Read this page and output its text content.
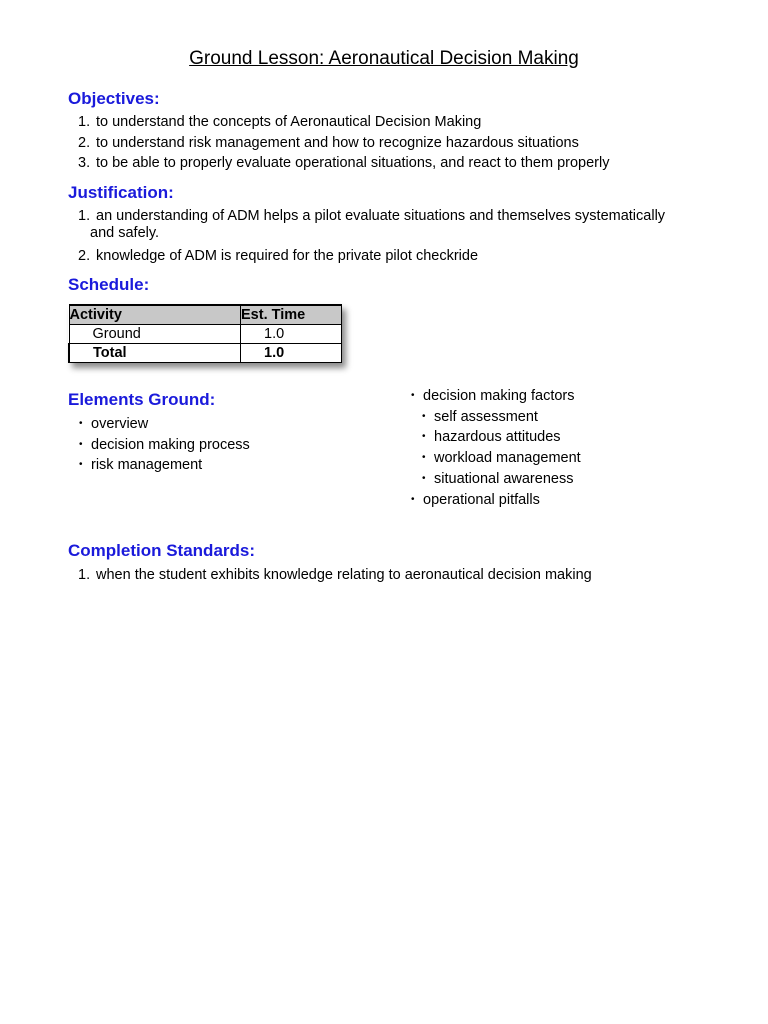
Ground Lesson: Aeronautical Decision Making
Objectives:
1. to understand the concepts of Aeronautical Decision Making
2. to understand risk management and how to recognize hazardous situations
3. to be able to properly evaluate operational situations, and react to them properly
Justification:
1. an understanding of ADM helps a pilot evaluate situations and themselves systematically
and safely.
2. knowledge of ADM is required for the private pilot checkride
Schedule:
Activity	Est. Time
Ground	1.0
Total	1.0
Elements Ground:
• overview
• decision making process
• risk management
• decision making factors
• self assessment
• hazardous attitudes
• workload management
• situational awareness
• operational pitfalls
Completion Standards:
1. when the student exhibits knowledge relating to aeronautical decision making
